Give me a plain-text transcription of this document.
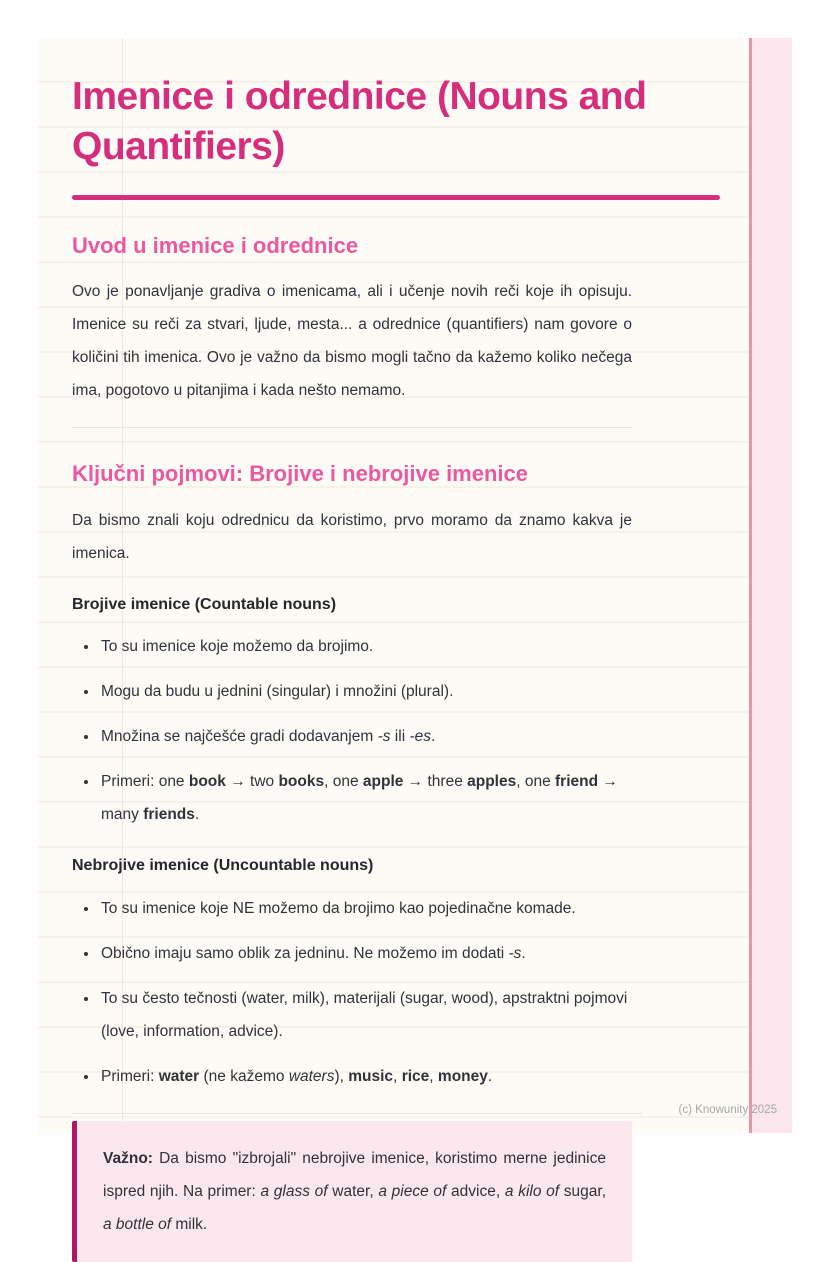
Imenice i odrednice (Nouns and Quantifiers)
Uvod u imenice i odrednice

Ovo je ponavljanje gradiva o imenicama, ali i učenje novih reči koje ih opisuju. Imenice su reči za stvari, ljude, mesta... a odrednice (quantifiers) nam govore o količini tih imenica. Ovo je važno da bismo mogli tačno da kažemo koliko nečega ima, pogotovo u pitanjima i kada nešto nemamo.

Ključni pojmovi: Brojive i nebrojive imenice

Da bismo znali koju odrednicu da koristimo, prvo moramo da znamo kakva je imenica.

Brojive imenice (Countable nouns)
• To su imenice koje možemo da brojimo.
• Mogu da budu u jednini (singular) i množini (plural).
• Množina se najčešće gradi dodavanjem -s ili -es.
• Primeri: one book → two books, one apple → three apples, one friend → many friends.
Nebrojive imenice (Uncountable nouns)
• To su imenice koje NE možemo da brojimo kao pojedinačne komade.
• Obično imaju samo oblik za jedninu. Ne možemo im dodati -s.
• To su često tečnosti (water, milk), materijali (sugar, wood), apstraktni pojmovi (love, information, advice).
• Primeri: water (ne kažemo waters), music, rice, money.
Važno: Da bismo "izbrojali" nebrojive imenice, koristimo merne jedinice ispred njih. Na primer: a glass of water, a piece of advice, a kilo of sugar, a bottle of milk.
(c) Knowunity 2025
